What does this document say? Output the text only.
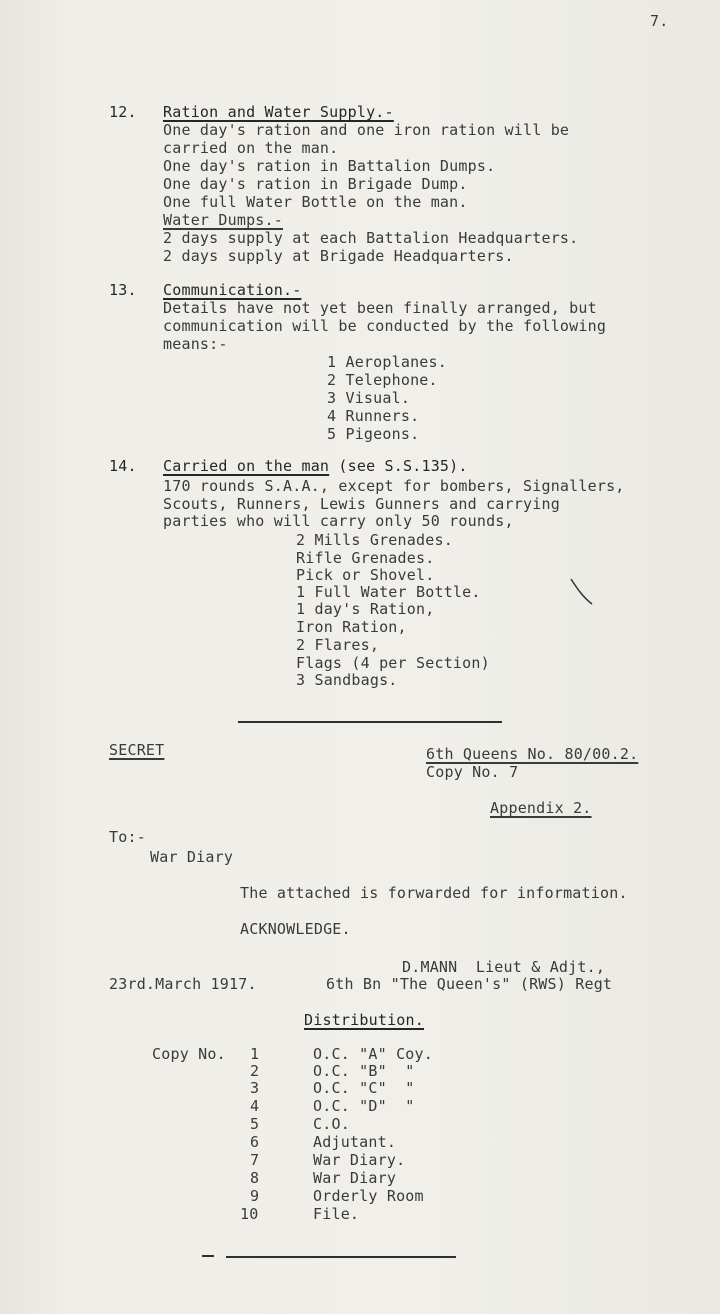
7.
12. Ration and Water Supply.-
One day's ration and one iron ration will be
carried on the man.
One day's ration in Battalion Dumps.
One day's ration in Brigade Dump.
One full Water Bottle on the man.
Water Dumps.-
2 days supply at each Battalion Headquarters.
2 days supply at Brigade Headquarters.
13. Communication.-
Details have not yet been finally arranged, but
communication will be conducted by the following
means:-
1 Aeroplanes.
2 Telephone.
3 Visual.
4 Runners.
5 Pigeons.
14. Carried on the man (see S.S.135).
170 rounds S.A.A., except for bombers, Signallers,
Scouts, Runners, Lewis Gunners and carrying
parties who will carry only 50 rounds,
2 Mills Grenades.
Rifle Grenades.
Pick or Shovel.
1 Full Water Bottle.
1 day's Ration,
Iron Ration,
2 Flares,
Flags (4 per Section)
3 Sandbags.
SECRET	6th Queens No. 80/00.2.
Copy No. 7
Appendix 2.
To:-
War Diary
The attached is forwarded for information.
ACKNOWLEDGE.
D.MANN  Lieut & Adjt.,
23rd.March 1917.	6th Bn "The Queen's" (RWS) Regt
Distribution.
Copy No. 1	O.C. "A" Coy.
2	O.C. "B"  "
3	O.C. "C"  "
4	O.C. "D"  "
5	C.O.
6	Adjutant.
7	War Diary.
8	War Diary
9	Orderly Room
10	File.
